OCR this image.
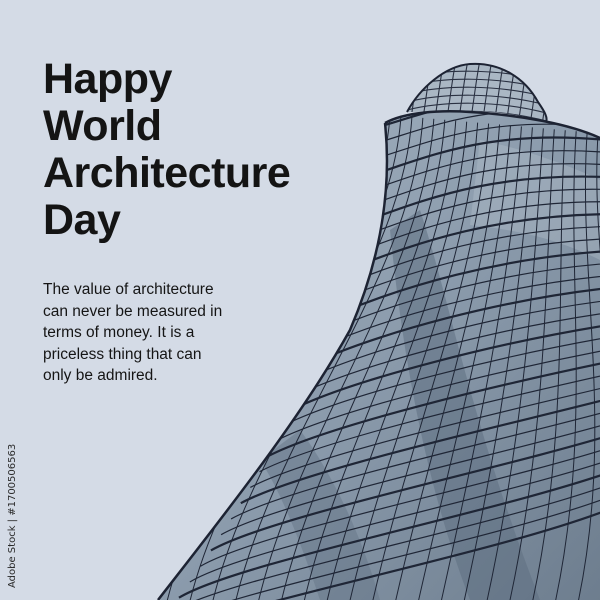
Happy
World
Architecture
Day

The value of architecture can never be measured in terms of money. It is a priceless thing that can only be admired.

Adobe Stock | #1700506563
